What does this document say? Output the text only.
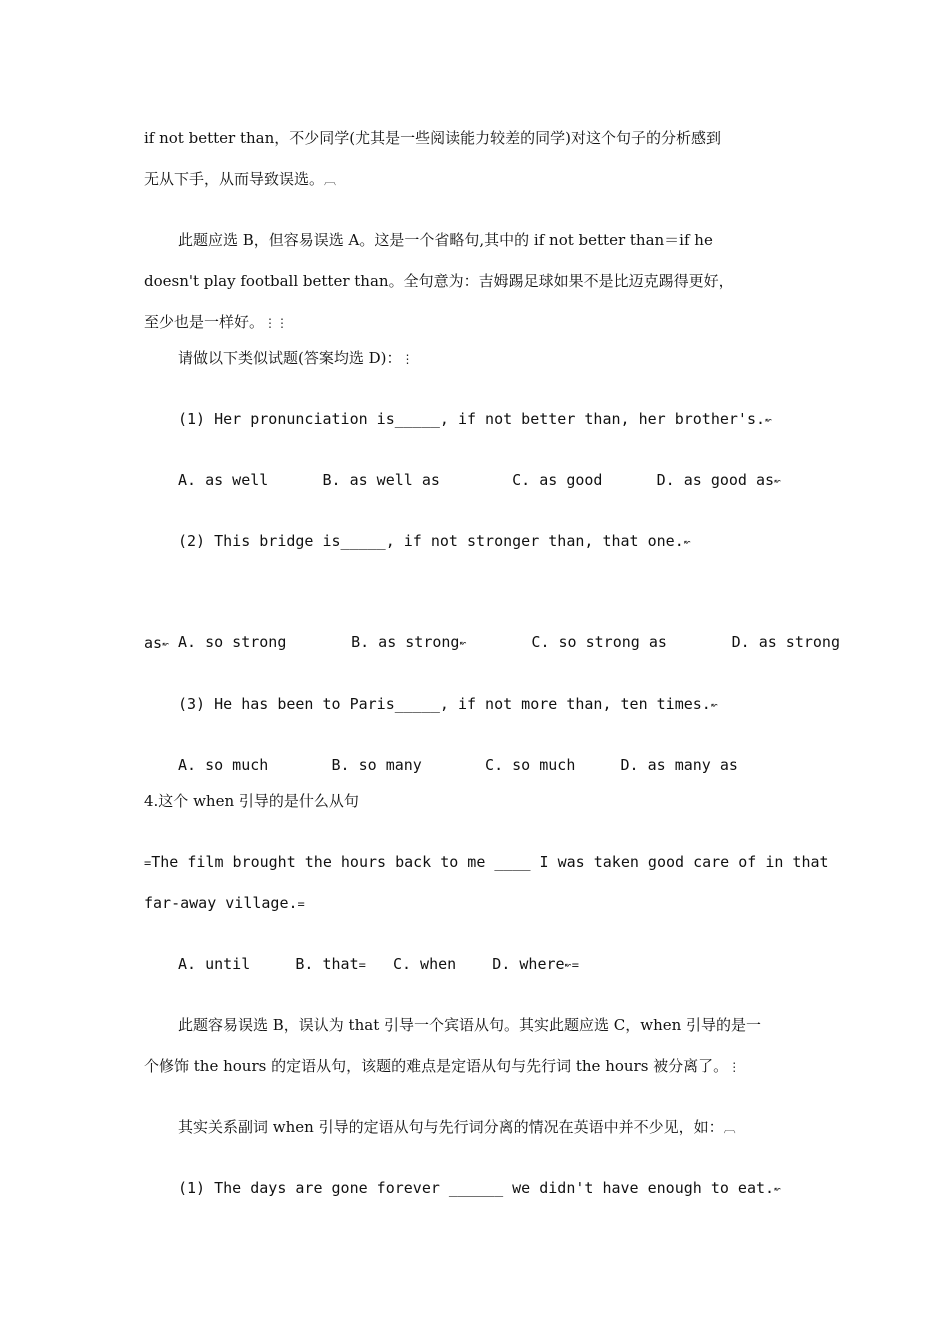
if not better than，不少同学(尤其是一些阅读能力较差的同学)对这个句子的分析感到
无从下手，从而导致误选。︹
此题应选 B，但容易误选 A。这是一个省略句,其中的 if not better than＝if he
doesn't play football better than。全句意为：吉姆踢足球如果不是比迈克踢得更好，
至少也是一样好。⋮⋮
请做以下类似试题(答案均选 D)：⋮
(1) Her pronunciation is_____, if not better than, her brother's.↜
A. as well      B. as well as        C. as good      D. as good as↜
(2) This bridge is_____, if not stronger than, that one.↜

A. so strong	B. as strong↜	C. so strong as	D. as strong

as↜
(3) He has been to Paris_____, if not more than, ten times.↜
A. so much       B. so many       C. so much     D. as many as
4.这个 when 引导的是什么从句
=The film brought the hours back to me ____ I was taken good care of in that
far-away village.=
A. until     B. that=   C. when    D. where↜=
此题容易误选 B，误认为 that 引导一个宾语从句。其实此题应选 C，when 引导的是一
个修饰 the hours 的定语从句，该题的难点是定语从句与先行词 the hours 被分离了。⋮
其实关系副词 when 引导的定语从句与先行词分离的情况在英语中并不少见，如：︹
(1) The days are gone forever ______ we didn't have enough to eat.↜
